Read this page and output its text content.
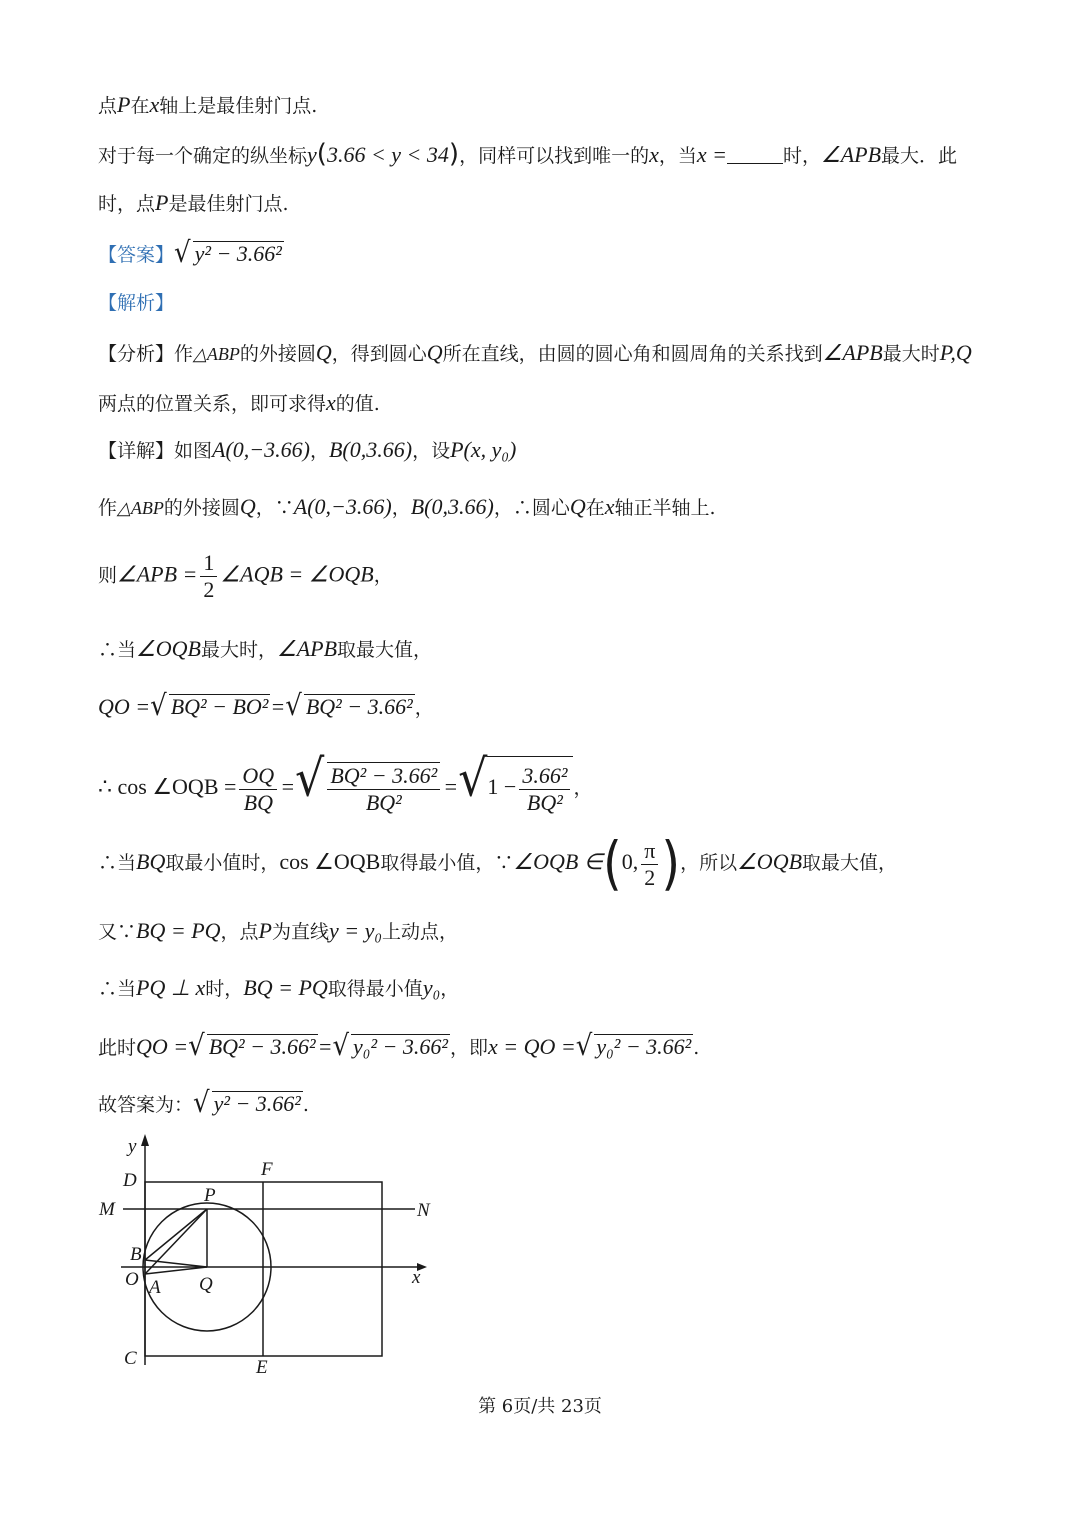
点P在x轴上是最佳射门点.
对于每一个确定的纵坐标y(3.66 < y < 34)，同样可以找到唯一的x，当x =	时，∠APB最大．此
时，点P是最佳射门点.
【答案】√ y² − 3.66²
【解析】
【分析】作△ABP的外接圆Q，得到圆心Q所在直线，由圆的圆心角和圆周角的关系找到∠APB最大时P,Q
两点的位置关系，即可求得x的值.
【详解】如图A(0,−3.66)，B(0,3.66)，设P(x, y₀)
作△ABP的外接圆Q，∵A(0,−3.66)，B(0,3.66)，∴圆心Q在x轴正半轴上.
则∠APB = $\frac{1}{2}$ ∠AQB = ∠OQB，
∴当∠OQB最大时，∠APB取最大值，
QO =√ BQ² − BO²=√ BQ² − 3.66² ，
∴ cos ∠OQB = $\frac{OQ}{BQ}$ =√ $\frac{\text{BQ² − 3.66²}}{\text{BQ²}} =√1 - \frac{\text{3.66²}}{\text{BQ²}}$ ，
∴当BQ取最小值时，cos ∠OQB取得最小值，∵∠OQB ∈(0, $\frac{\pi}{2}$ )，所以∠OQB取最大值，
又∵BQ = PQ，点P为直线y = y₀上动点，
∴当PQ ⊥ x时，BQ = PQ取得最小值y₀，
此时QO =√ BQ² − 3.66²=√ y₀² − 3.66² ，即x = QO =√ y₀² − 3.66² .
故答案为：√ y² − 3.66² .
y
x
D
F
M	N
P
B
O A Q
C	E
第 6页/共 23页
